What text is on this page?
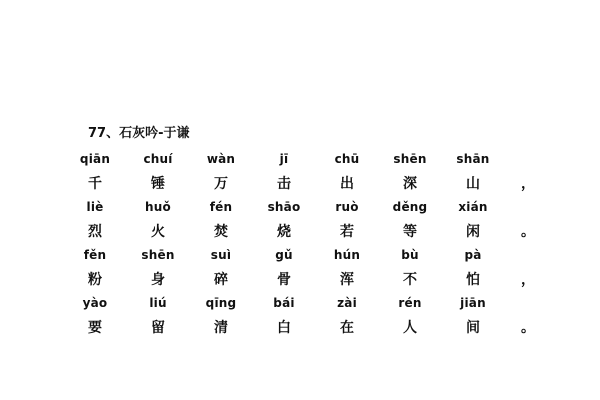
77、石灰吟-于谦
qiān	chuí	wàn	jī	chū	shēn	shān
千	锤	万	击	出	深	山	，
liè	huǒ	fén	shāo	ruò	děng	xián
烈	火	焚	烧	若	等	闲	。
fěn	shēn	suì	gǔ	hún	bù	pà
粉	身	碎	骨	浑	不	怕	，
yào	liú	qīng	bái	zài	rén	jiān
要	留	清	白	在	人	间	。
